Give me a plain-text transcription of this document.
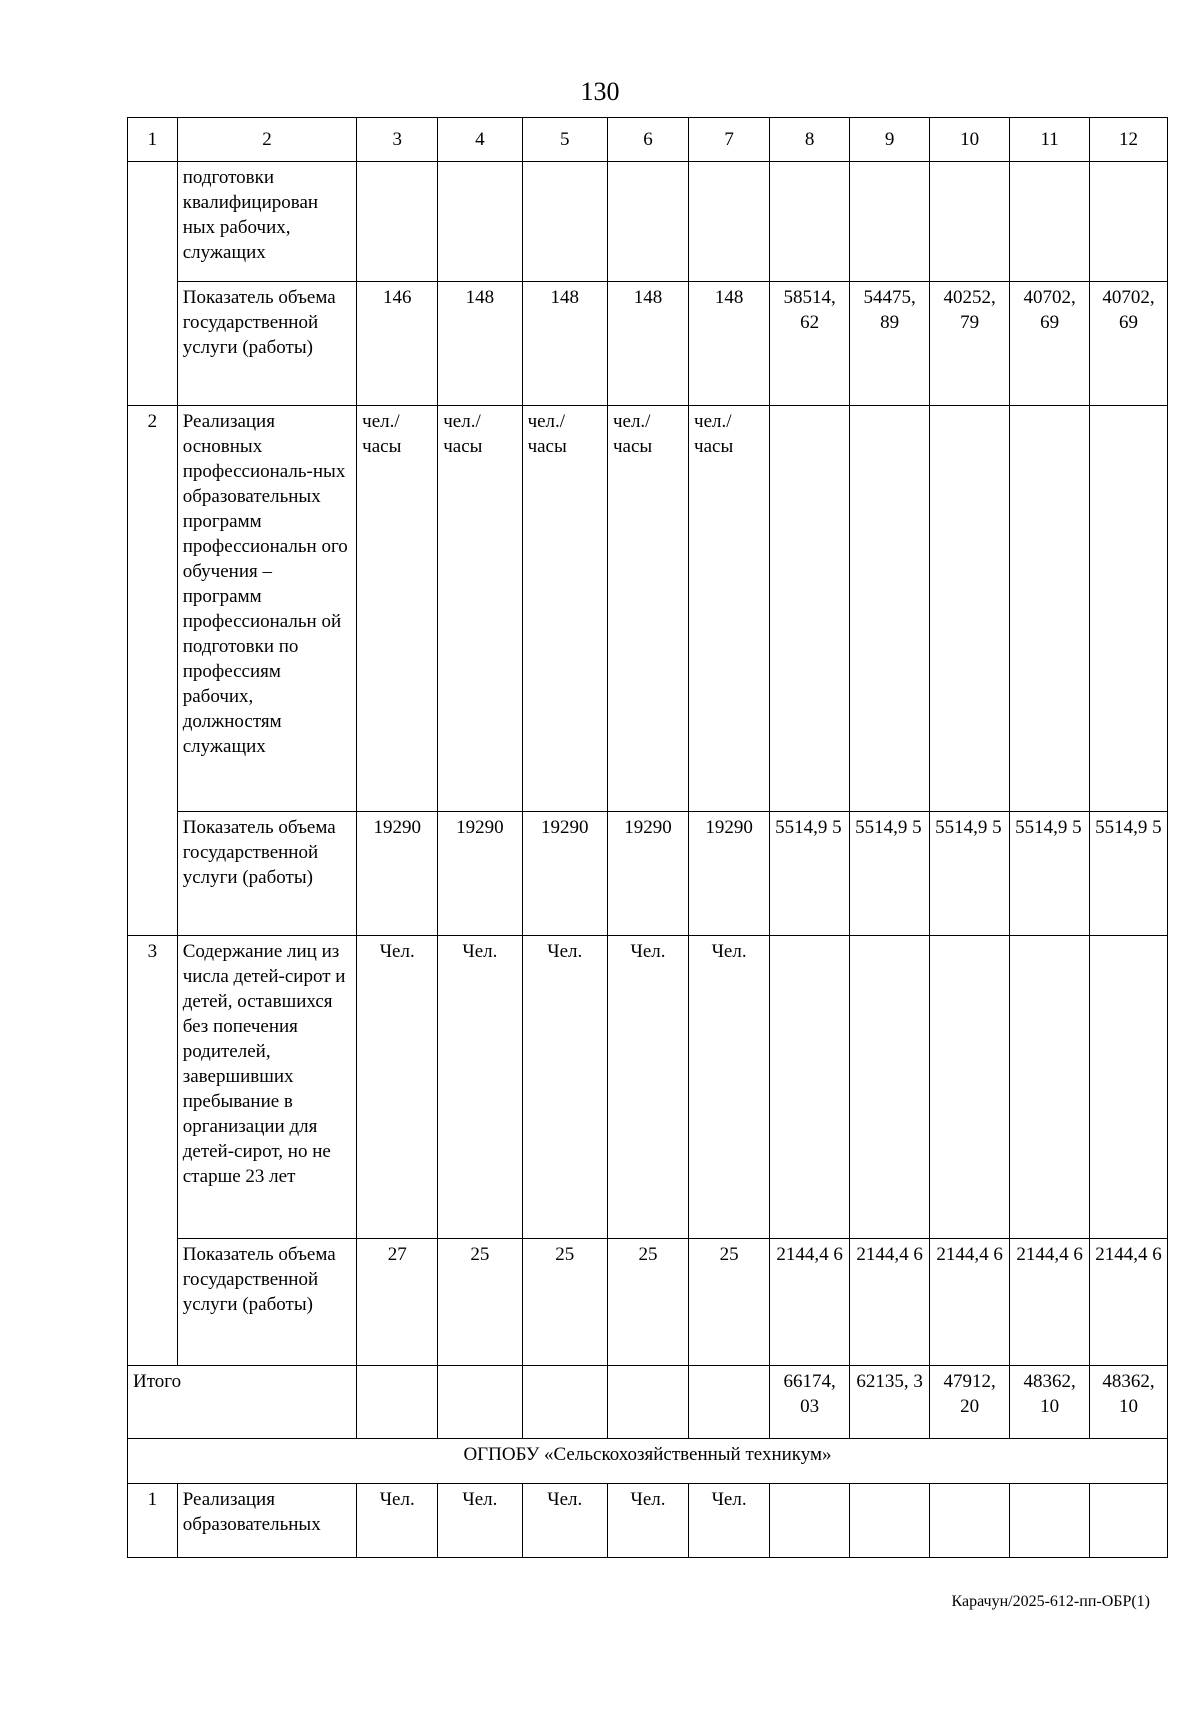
130
1	2	3	4	5	6	7	8	9	10	11	12
	подготовки квалифицирован ных рабочих, служащих										
	Показатель объема государственной услуги (работы)	146	148	148	148	148	58514, 62	54475, 89	40252, 79	40702, 69	40702, 69
2	Реализация основных профессиональ-ных образовательных программ профессиональн ого обучения – программ профессиональн ой подготовки по профессиям рабочих, должностям служащих	чел./ часы	чел./ часы	чел./ часы	чел./ часы	чел./ часы					
	Показатель объема государственной услуги (работы)	19290	19290	19290	19290	19290	5514,9 5	5514,9 5	5514,9 5	5514,9 5	5514,9 5
3	Содержание лиц из числа детей-сирот и детей, оставшихся без попечения родителей, завершивших пребывание в организации для детей-сирот, но не старше 23 лет	Чел.	Чел.	Чел.	Чел.	Чел.					
	Показатель объема государственной услуги (работы)	27	25	25	25	25	2144,4 6	2144,4 6	2144,4 6	2144,4 6	2144,4 6
Итого							66174, 03	62135, 3	47912, 20	48362, 10	48362, 10
ОГПОБУ «Сельскохозяйственный техникум»											
1	Реализация образовательных	Чел.	Чел.	Чел.	Чел.	Чел.					
Карачун/2025-612-пп-ОБР(1)
